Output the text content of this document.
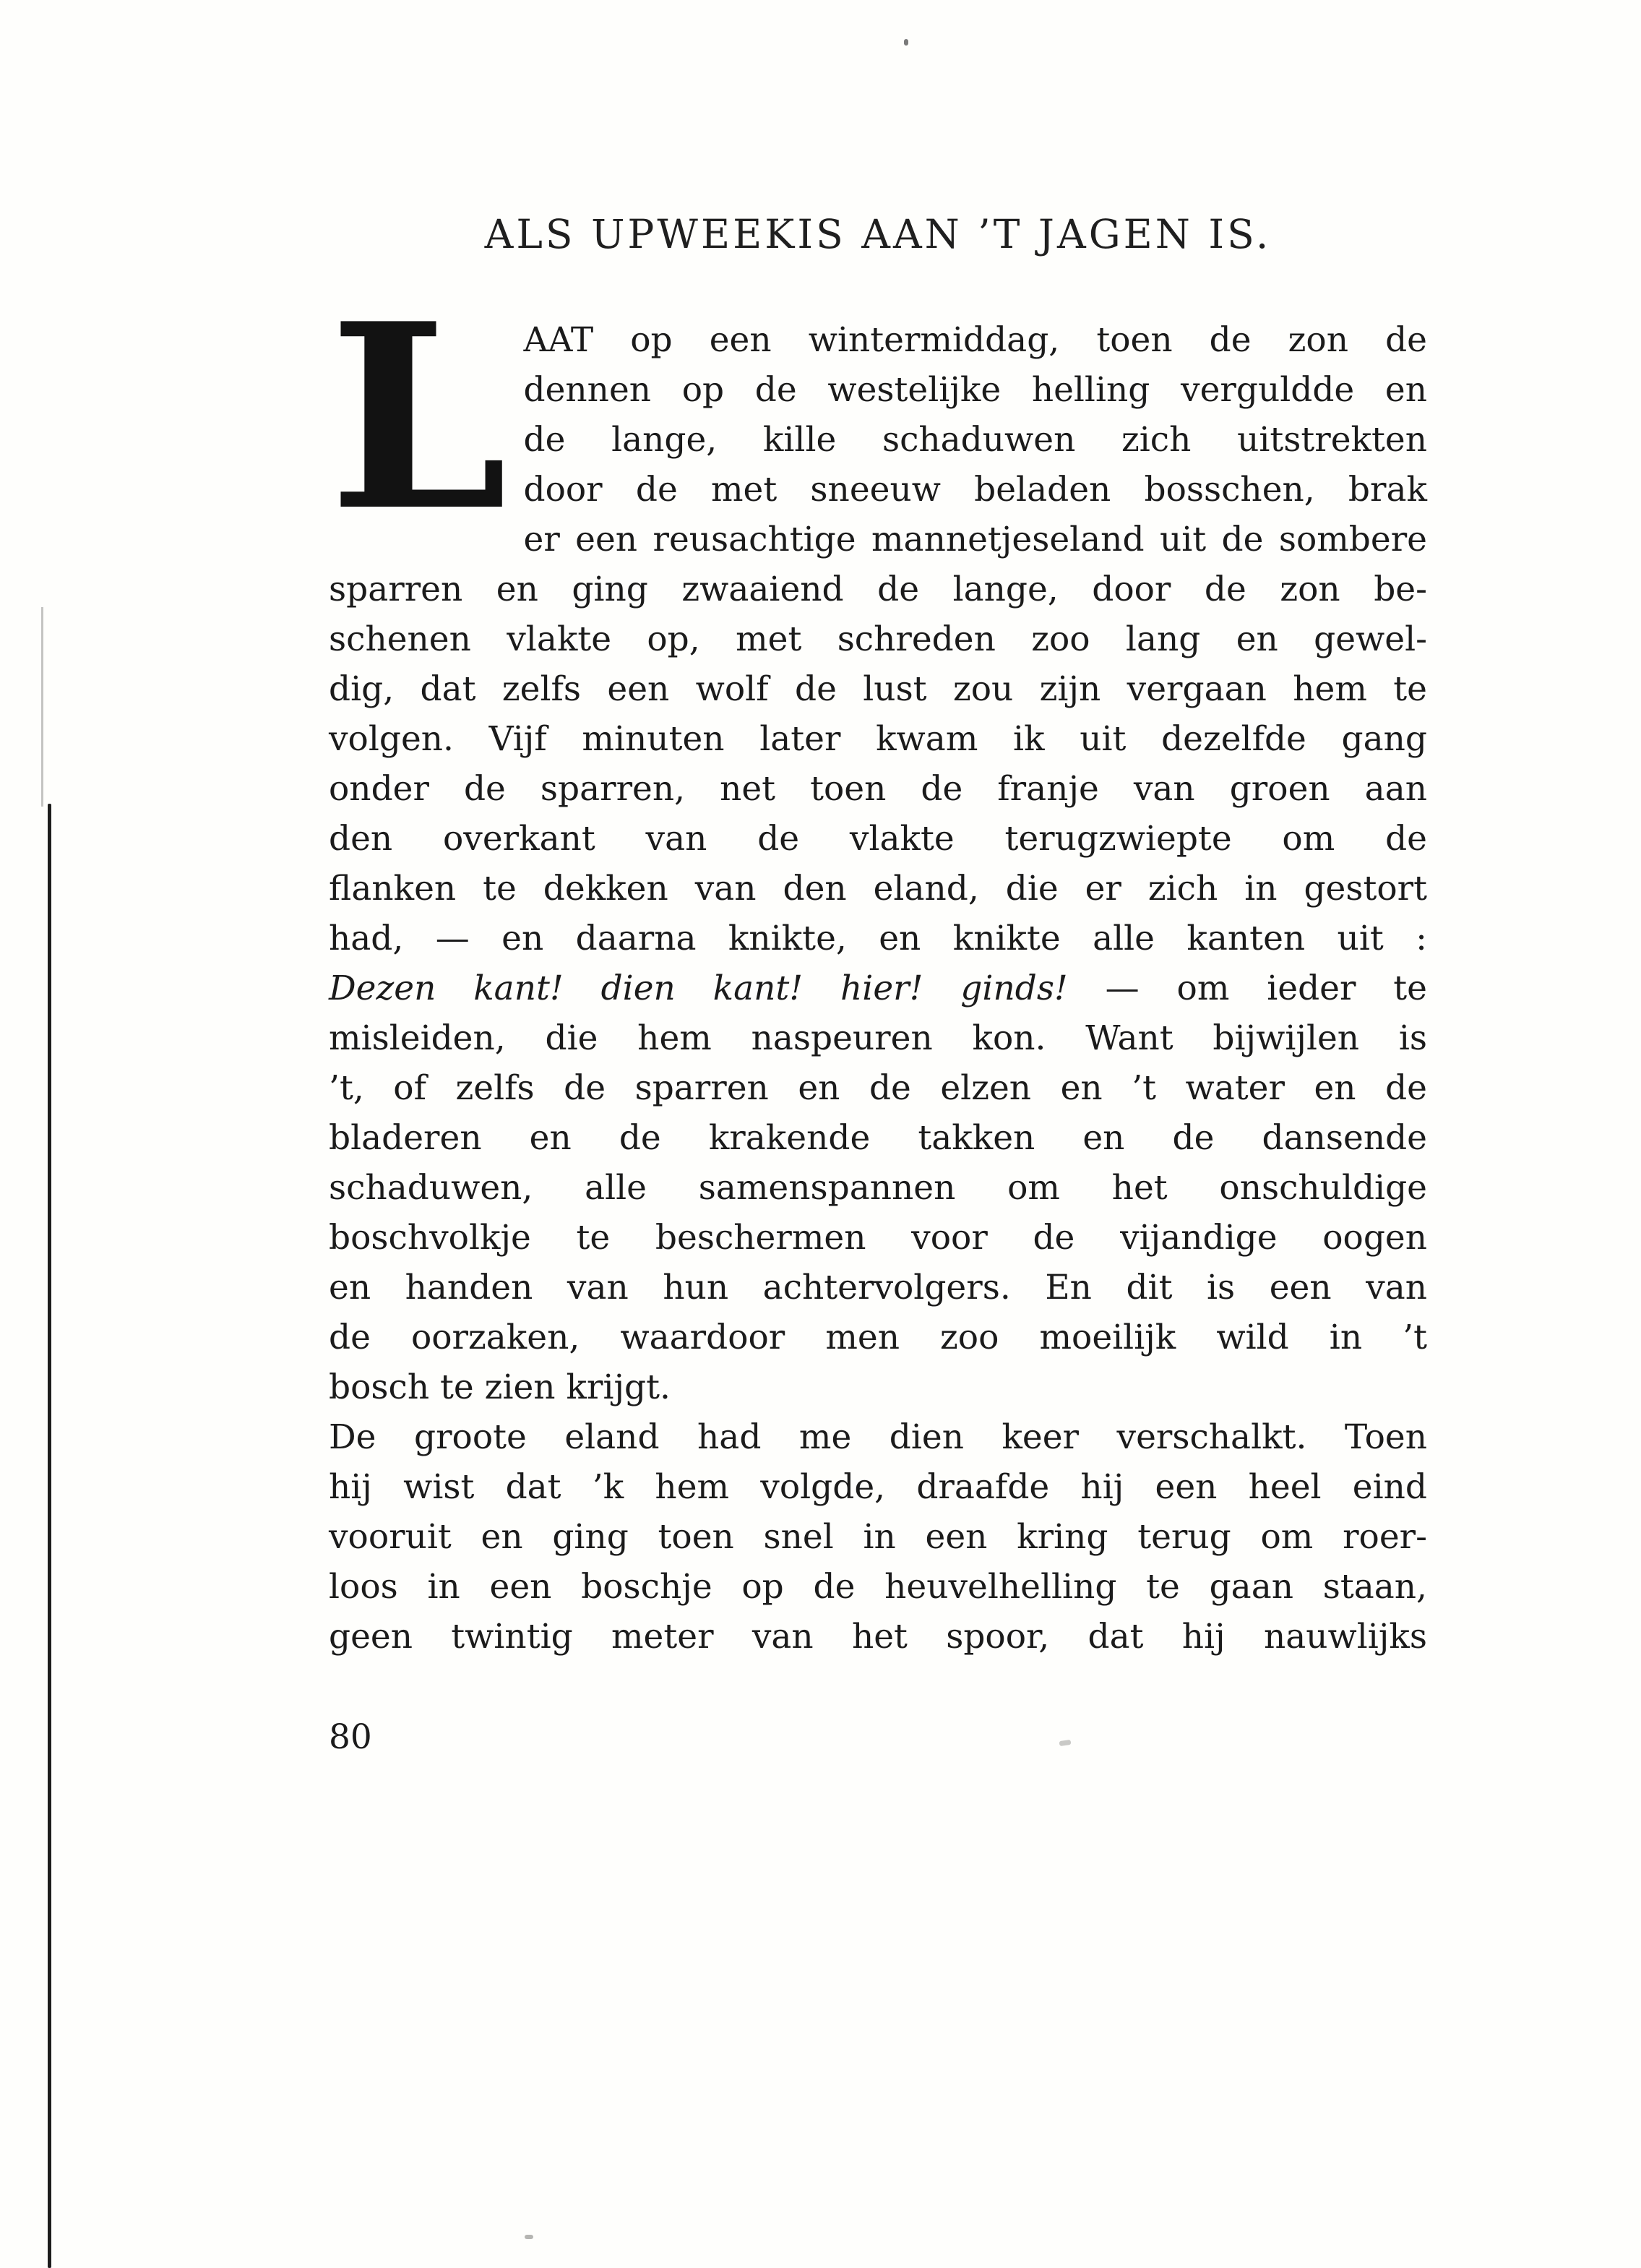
ALS UPWEEKIS AAN ’T JAGEN IS.
L AAT op een wintermiddag, toen de zon de
dennen op de westelijke helling verguldde en
de lange, kille schaduwen zich uitstrekten
door de met sneeuw beladen bosschen, brak
er een reusachtige mannetjeseland uit de sombere
sparren en ging zwaaiend de lange, door de zon be-
schenen vlakte op, met schreden zoo lang en gewel-
dig, dat zelfs een wolf de lust zou zijn vergaan hem te
volgen. Vijf minuten later kwam ik uit dezelfde gang
onder de sparren, net toen de franje van groen aan
den overkant van de vlakte terugzwiepte om de
flanken te dekken van den eland, die er zich in gestort
had, — en daarna knikte, en knikte alle kanten uit :
Dezen kant! dien kant! hier! ginds! — om ieder te
misleiden, die hem naspeuren kon. Want bijwijlen is
’t, of zelfs de sparren en de elzen en ’t water en de
bladeren en de krakende takken en de dansende
schaduwen, alle samenspannen om het onschuldige
boschvolkje te beschermen voor de vijandige oogen
en handen van hun achtervolgers. En dit is een van
de oorzaken, waardoor men zoo moeilijk wild in ’t
bosch te zien krijgt.
De groote eland had me dien keer verschalkt. Toen
hij wist dat ’k hem volgde, draafde hij een heel eind
vooruit en ging toen snel in een kring terug om roer-
loos in een boschje op de heuvelhelling te gaan staan,
geen twintig meter van het spoor, dat hij nauwlijks
80
